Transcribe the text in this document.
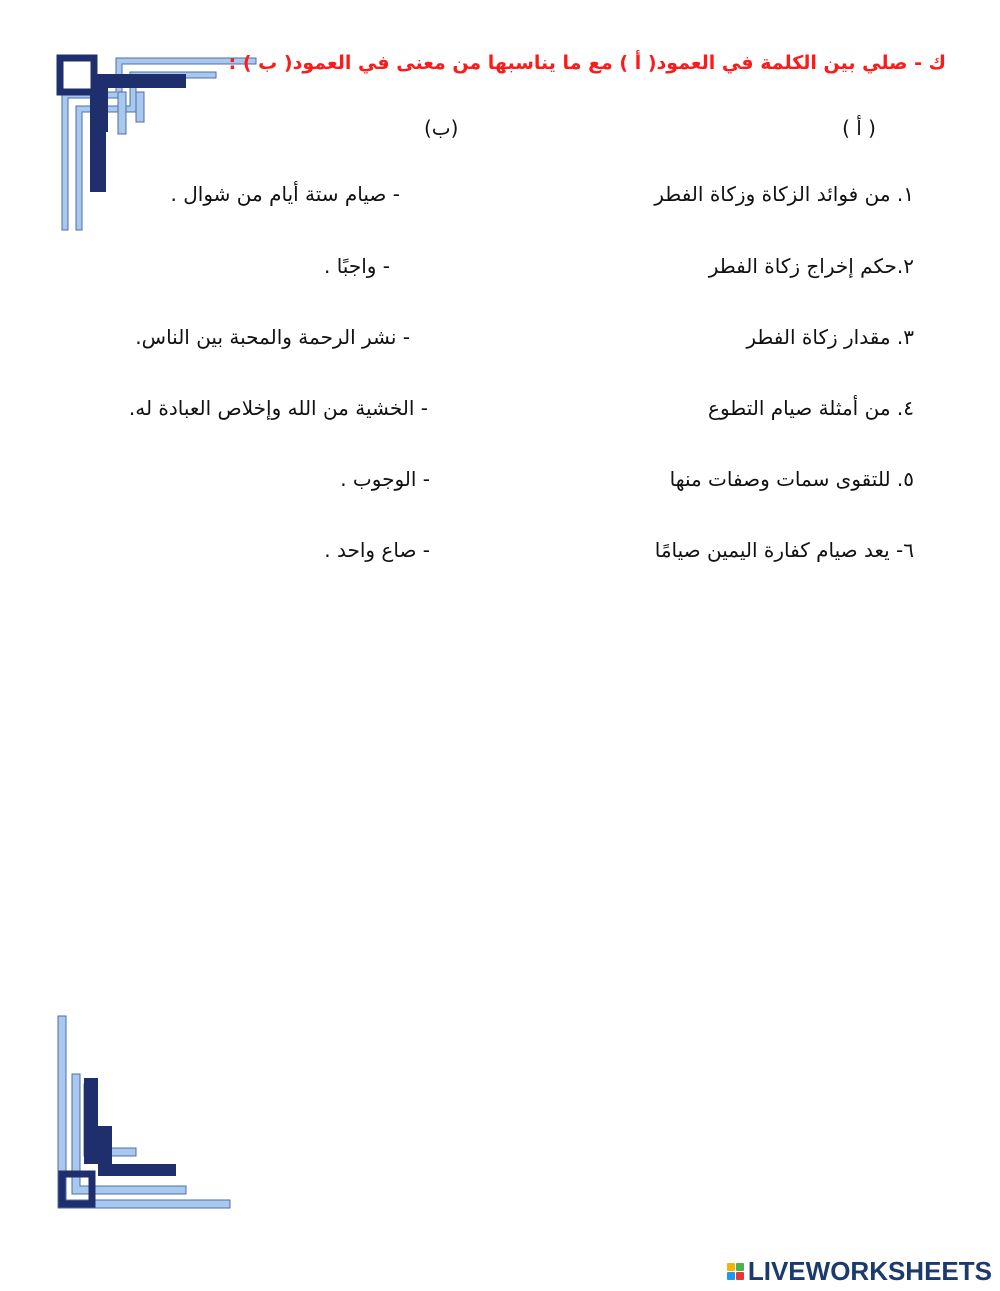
ك - صلي بين الكلمة في العمود( أ ) مع ما يناسبها من معنى في العمود( ب ) :
( أ )
(ب)
١. من فوائد الزكاة وزكاة الفطر
٢.حكم إخراج زكاة الفطر
٣. مقدار زكاة الفطر
٤. من أمثلة صيام التطوع
٥. للتقوى سمات وصفات منها
٦- يعد صيام كفارة اليمين صيامًا
- صيام ستة أيام من شوال .
- واجبًا .
- نشر الرحمة والمحبة بين الناس.
- الخشية من الله وإخلاص العبادة له.
- الوجوب .
- صاع واحد .
LIVEWORKSHEETS
